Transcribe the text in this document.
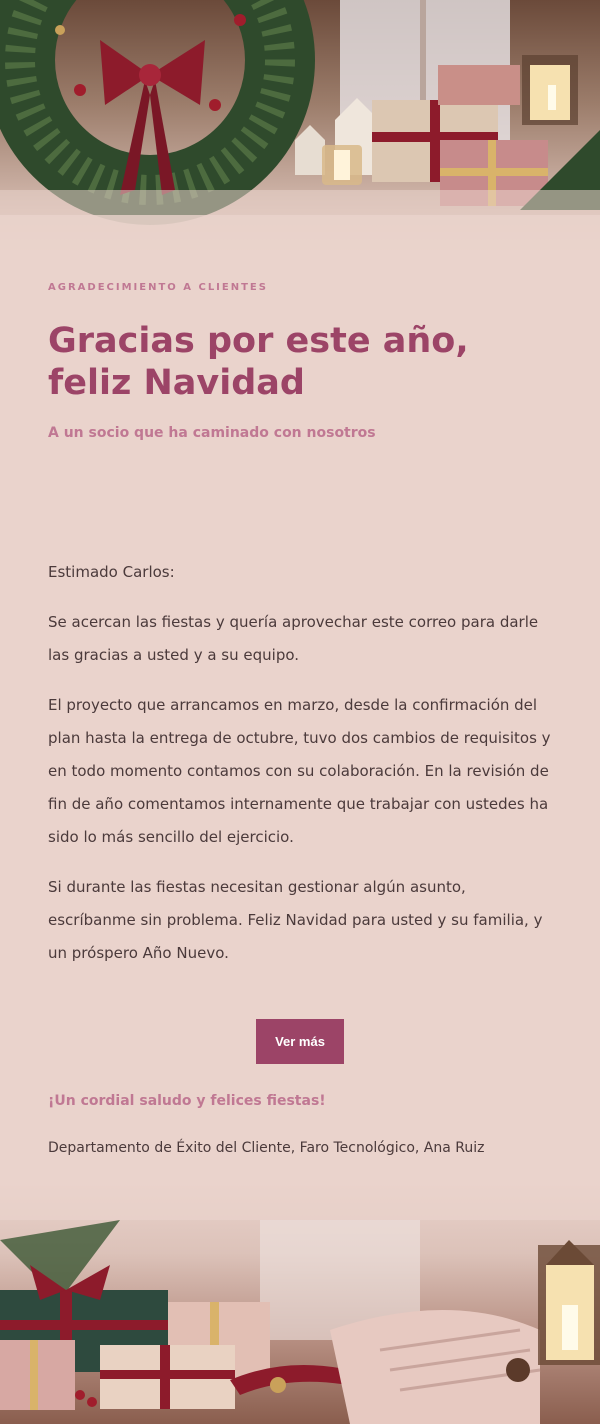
AGRADECIMIENTO A CLIENTES
Gracias por este año, feliz Navidad

A un socio que ha caminado con nosotros

Estimado Carlos:

Se acercan las fiestas y quería aprovechar este correo para darle las gracias a usted y a su equipo.

El proyecto que arrancamos en marzo, desde la confirmación del plan hasta la entrega de octubre, tuvo dos cambios de requisitos y en todo momento contamos con su colaboración. En la revisión de fin de año comentamos internamente que trabajar con ustedes ha sido lo más sencillo del ejercicio.

Si durante las fiestas necesitan gestionar algún asunto, escríbanme sin problema. Feliz Navidad para usted y su familia, y un próspero Año Nuevo.

Ver más

¡Un cordial saludo y felices fiestas!

Departamento de Éxito del Cliente, Faro Tecnológico, Ana Ruiz
